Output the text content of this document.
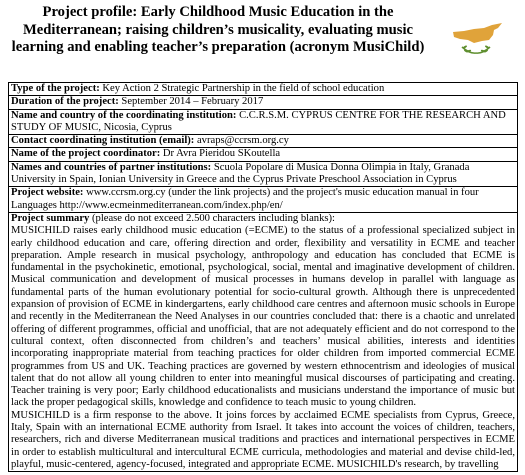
Project profile: Early Childhood Music Education in the Mediterranean; raising children’s musicality, evaluating music learning and enabling teacher’s preparation (acronym MusiChild)
Type of the project: Key Action 2 Strategic Partnership in the field of school education
Duration of the project: September 2014 – February 2017
Name and country of the coordinating institution: C.C.R.S.M. CYPRUS CENTRE FOR THE RESEARCH AND STUDY OF MUSIC, Nicosia, Cyprus
Contact coordinating institution (email): avraps@ccrsm.org.cy
Name of the project coordinator: Dr Avra Pieridou SKoutella
Names and countries of partner institutions: Scuola Popolare di Musica Donna Olimpia in Italy, Granada University in Spain, Ionian University in Greece and the Cyprus Private Preschool Association in Cyprus
Project website: www.ccrsm.org.cy (under the link projects) and the project's music education manual in four Languages http://www.ecmeinmediterranean.com/index.php/en/

Project summary (please do not exceed 2.500 characters including blanks):

MUSICHILD raises early childhood music education (=ECME) to the status of a professional specialized subject in early childhood education and care, offering direction and order, flexibility and versatility in ECME and teacher preparation. Ample research in musical psychology, anthropology and education has concluded that ECME is fundamental in the psychokinetic, emotional, psychological, social, mental and imaginative development of children. Musical communication and development of musical processes in humans develop in parallel with language as fundamental parts of the human evolutionary potential for socio-cultural growth. Although there is unprecedented expansion of provision of ECME in kindergartens, early childhood care centres and afternoon music schools in Europe and recently in the Mediterranean the Need Analyses in our countries concluded that: there is a chaotic and unrelated offering of different programmes, official and unofficial, that are not adequately efficient and do not correspond to the cultural context, often disconnected from children’s and teachers’ musical abilities, interests and identities incorporating inappropriate material from teaching practices for older children from imported commercial ECME programmes from US and UK. Teaching practices are governed by western ethnocentrism and ideologies of musical talent that do not allow all young children to enter into meaningful musical discourses of participating and creating. Teacher training is very poor; Early childhood educationalists and musicians understand the importance of music but lack the proper pedagogical skills, knowledge and confidence to teach music to young children.

MUSICHILD is a firm response to the above. It joins forces by acclaimed ECME specialists from Cyprus, Greece, Italy, Spain with an international ECME authority from Israel. It takes into account the voices of children, teachers, researchers, rich and diverse Mediterranean musical traditions and practices and international perspectives in ECME in order to establish multicultural and intercultural ECME curricula, methodologies and material and devise child-led, playful, music-centered, agency-focused, integrated and appropriate ECME. MUSICHILD's research, by travelling
